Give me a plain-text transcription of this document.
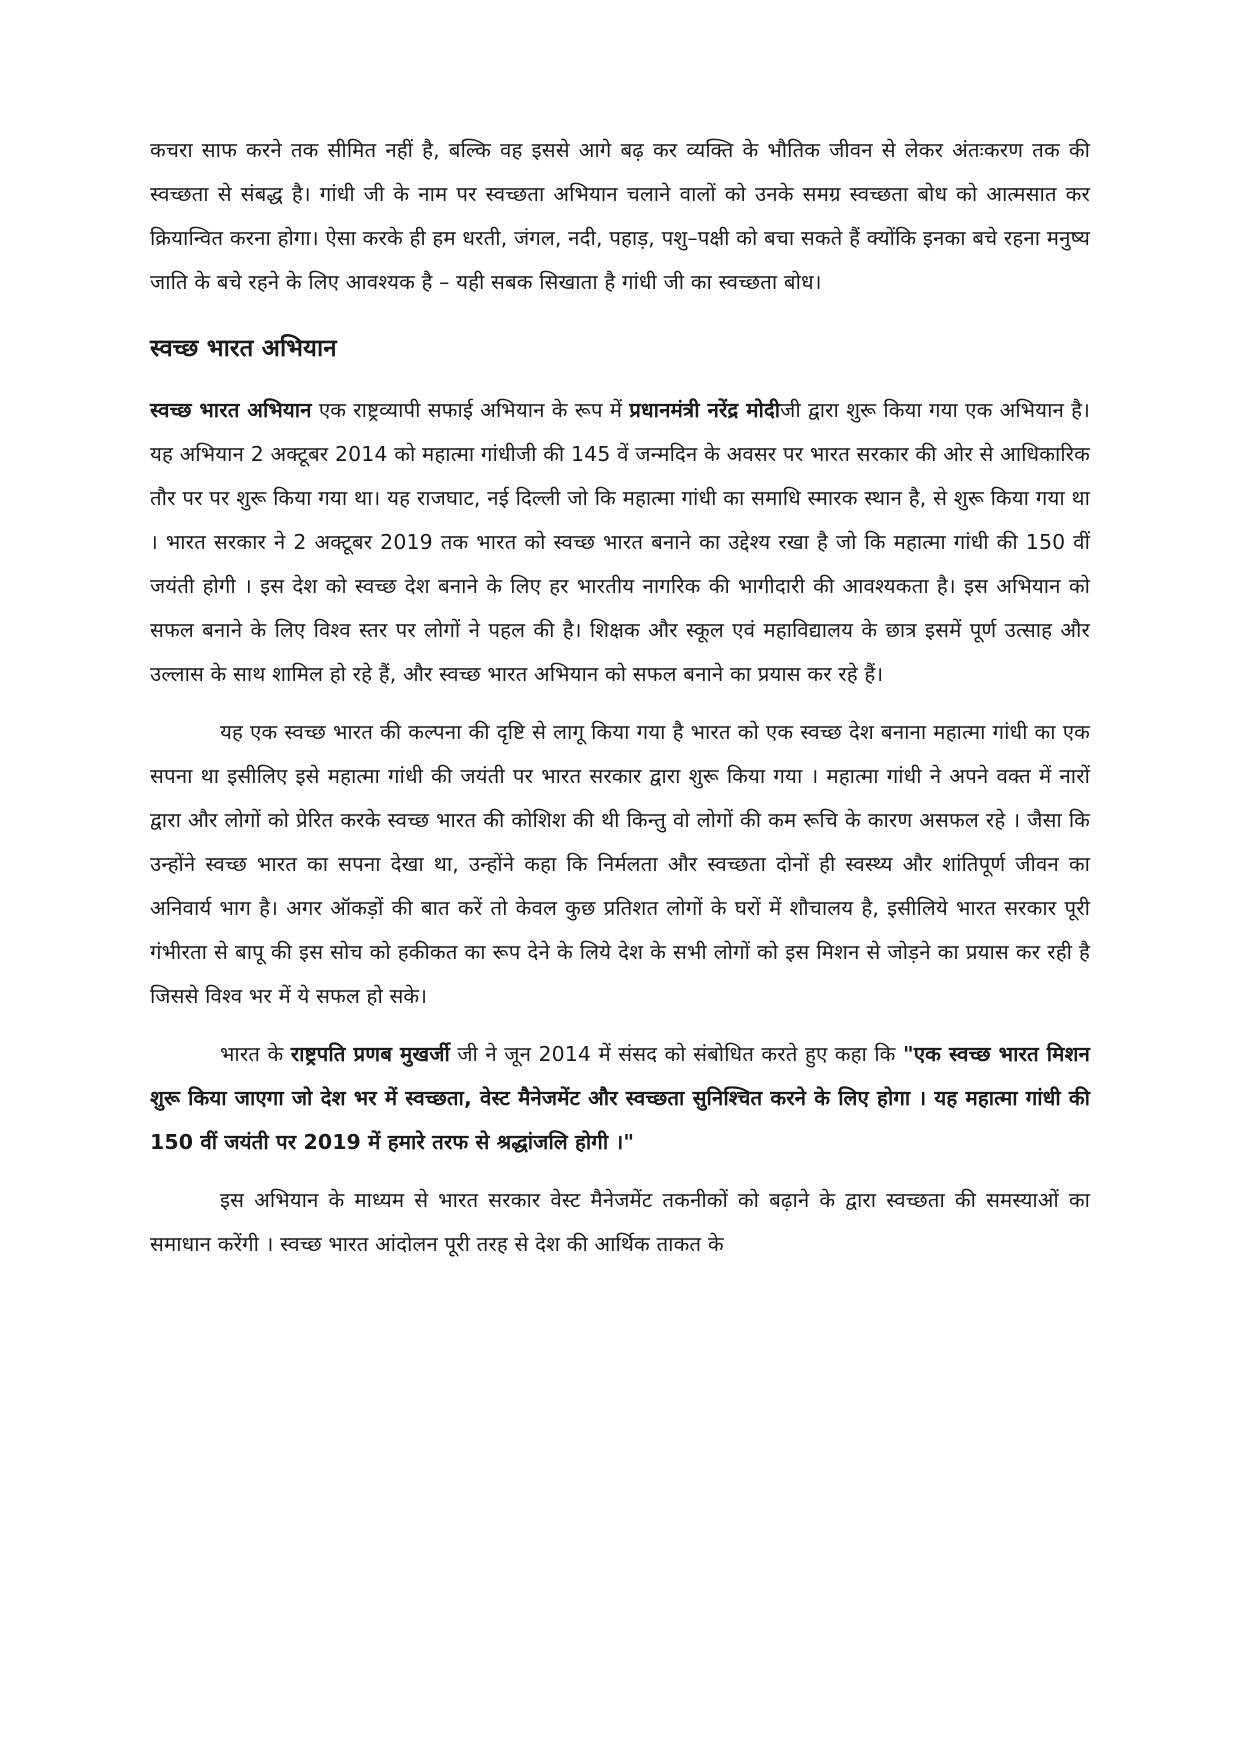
कचरा साफ करने तक सीमित नहीं है, बल्कि वह इससे आगे बढ़ कर व्यक्ति के भौतिक जीवन से लेकर अंतःकरण तक की स्वच्छता से संबद्ध है। गांधी जी के नाम पर स्वच्छता अभियान चलाने वालों को उनके समग्र स्वच्छता बोध को आत्मसात कर क्रियान्वित करना होगा। ऐसा करके ही हम धरती, जंगल, नदी, पहाड़, पशु–पक्षी को बचा सकते हैं क्योंकि इनका बचे रहना मनुष्य जाति के बचे रहने के लिए आवश्यक है – यही सबक सिखाता है गांधी जी का स्वच्छता बोध।

स्वच्छ भारत अभियान

स्वच्छ भारत अभियान एक राष्ट्रव्यापी सफाई अभियान के रूप में प्रधानमंत्री नरेंद्र मोदीजी द्वारा शुरू किया गया एक अभियान है। यह अभियान 2 अक्टूबर 2014 को महात्मा गांधीजी की 145 वें जन्मदिन के अवसर पर भारत सरकार की ओर से आधिकारिक तौर पर पर शुरू किया गया था। यह राजघाट, नई दिल्ली जो कि महात्मा गांधी का समाधि स्मारक स्थान है, से शुरू किया गया था । भारत सरकार ने 2 अक्टूबर 2019 तक भारत को स्वच्छ भारत बनाने का उद्देश्य रखा है जो कि महात्मा गांधी की 150 वीं जयंती होगी । इस देश को स्वच्छ देश बनाने के लिए हर भारतीय नागरिक की भागीदारी की आवश्यकता है। इस अभियान को सफल बनाने के लिए विश्व स्तर पर लोगों ने पहल की है। शिक्षक और स्कूल एवं महाविद्यालय के छात्र इसमें पूर्ण उत्साह और उल्लास के साथ शामिल हो रहे हैं, और स्वच्छ भारत अभियान को सफल बनाने का प्रयास कर रहे हैं।

यह एक स्वच्छ भारत की कल्पना की दृष्टि से लागू किया गया है भारत को एक स्वच्छ देश बनाना महात्मा गांधी का एक सपना था इसीलिए इसे महात्मा गांधी की जयंती पर भारत सरकार द्वारा शुरू किया गया । महात्मा गांधी ने अपने वक्त में नारों द्वारा और लोगों को प्रेरित करके स्वच्छ भारत की कोशिश की थी किन्तु वो लोगों की कम रूचि के कारण असफल रहे । जैसा कि उन्होंने स्वच्छ भारत का सपना देखा था, उन्होंने कहा कि निर्मलता और स्वच्छता दोनों ही स्वस्थ्य और शांतिपूर्ण जीवन का अनिवार्य भाग है। अगर ऑकड़ों की बात करें तो केवल कुछ प्रतिशत लोगों के घरों में शौचालय है, इसीलिये भारत सरकार पूरी गंभीरता से बापू की इस सोच को हकीकत का रूप देने के लिये देश के सभी लोगों को इस मिशन से जोड़ने का प्रयास कर रही है जिससे विश्व भर में ये सफल हो सके।

भारत के राष्ट्रपति प्रणब मुखर्जी जी ने जून 2014 में संसद को संबोधित करते हुए कहा कि "एक स्वच्छ भारत मिशन शुरू किया जाएगा जो देश भर में स्वच्छता, वेस्ट मैनेजमेंट और स्वच्छता सुनिश्चित करने के लिए होगा । यह महात्मा गांधी की 150 वीं जयंती पर 2019 में हमारे तरफ से श्रद्धांजलि होगी ।"

इस अभियान के माध्यम से भारत सरकार वेस्ट मैनेजमेंट तकनीकों को बढ़ाने के द्वारा स्वच्छता की समस्याओं का समाधान करेंगी । स्वच्छ भारत आंदोलन पूरी तरह से देश की आर्थिक ताकत के
